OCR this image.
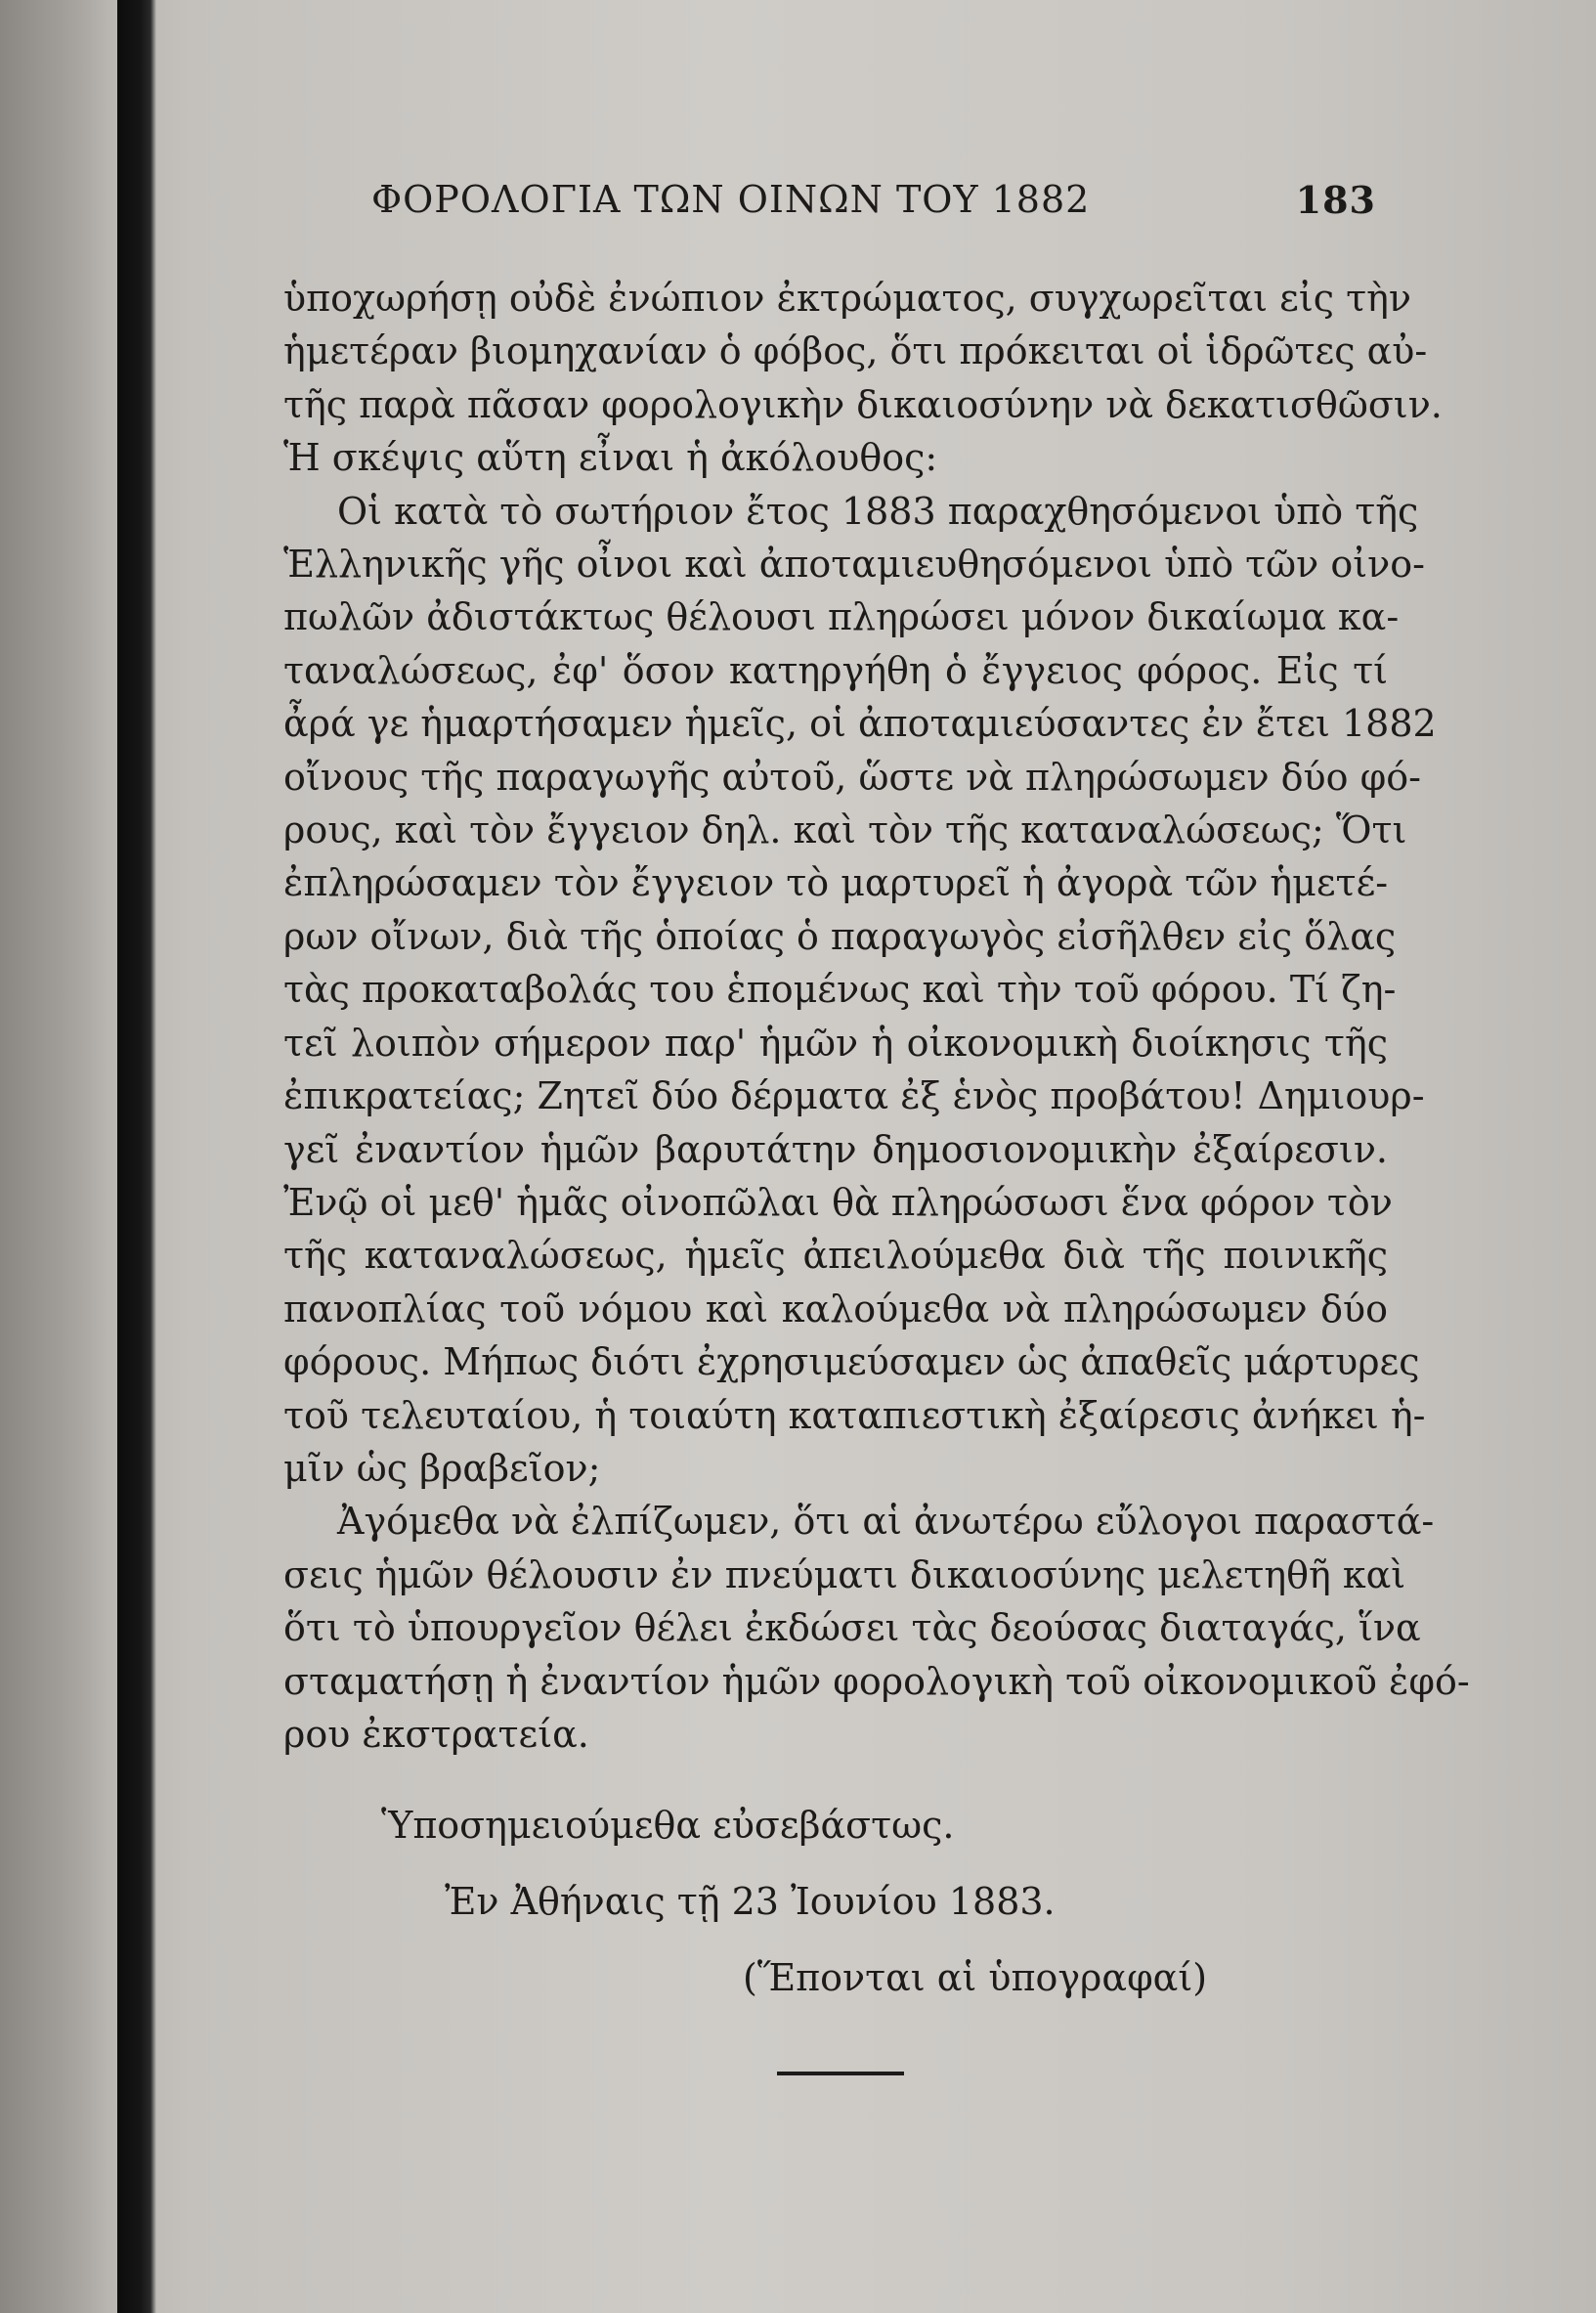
ΦΟΡΟΛΟΓΙΑ ΤΩΝ ΟΙΝΩΝ ΤΟΥ 1882	183
ὑποχωρήσῃ οὐδὲ ἐνώπιον ἐκτρώματος, συγχωρεῖται εἰς τὴν
ἡμετέραν βιομηχανίαν ὁ φόβος, ὅτι πρόκειται οἱ ἱδρῶτες αὐ-
τῆς παρὰ πᾶσαν φορολογικὴν δικαιοσύνην νὰ δεκατισθῶσιν.
Ἡ σκέψις αὕτη εἶναι ἡ ἀκόλουθος:
Οἱ κατὰ τὸ σωτήριον ἔτος 1883 παραχθησόμενοι ὑπὸ τῆς
Ἑλληνικῆς γῆς οἶνοι καὶ ἀποταμιευθησόμενοι ὑπὸ τῶν οἰνο-
πωλῶν ἀδιστάκτως θέλουσι πληρώσει μόνον δικαίωμα κα-
ταναλώσεως, ἐφ' ὅσον κατηργήθη ὁ ἔγγειος φόρος. Εἰς τί
ἆρά γε ἡμαρτήσαμεν ἡμεῖς, οἱ ἀποταμιεύσαντες ἐν ἔτει 1882
οἴνους τῆς παραγωγῆς αὐτοῦ, ὥστε νὰ πληρώσωμεν δύο φό-
ρους, καὶ τὸν ἔγγειον δηλ. καὶ τὸν τῆς καταναλώσεως; Ὅτι
ἐπληρώσαμεν τὸν ἔγγειον τὸ μαρτυρεῖ ἡ ἀγορὰ τῶν ἡμετέ-
ρων οἴνων, διὰ τῆς ὁποίας ὁ παραγωγὸς εἰσῆλθεν εἰς ὅλας
τὰς προκαταβολάς του ἑπομένως καὶ τὴν τοῦ φόρου. Τί ζη-
τεῖ λοιπὸν σήμερον παρ' ἡμῶν ἡ οἰκονομικὴ διοίκησις τῆς
ἐπικρατείας; Ζητεῖ δύο δέρματα ἐξ ἑνὸς προβάτου! Δημιουρ-
γεῖ ἐναντίον ἡμῶν βαρυτάτην δημοσιονομικὴν ἐξαίρεσιν.
Ἐνῷ οἱ μεθ' ἡμᾶς οἰνοπῶλαι θὰ πληρώσωσι ἕνα φόρον τὸν
τῆς καταναλώσεως, ἡμεῖς ἀπειλούμεθα διὰ τῆς ποινικῆς
πανοπλίας τοῦ νόμου καὶ καλούμεθα νὰ πληρώσωμεν δύο
φόρους. Μήπως διότι ἐχρησιμεύσαμεν ὡς ἀπαθεῖς μάρτυρες
τοῦ τελευταίου, ἡ τοιαύτη καταπιεστικὴ ἐξαίρεσις ἀνήκει ἡ-
μῖν ὡς βραβεῖον;
Ἀγόμεθα νὰ ἐλπίζωμεν, ὅτι αἱ ἀνωτέρω εὔλογοι παραστά-
σεις ἡμῶν θέλουσιν ἐν πνεύματι δικαιοσύνης μελετηθῆ καὶ
ὅτι τὸ ὑπουργεῖον θέλει ἐκδώσει τὰς δεούσας διαταγάς, ἵνα
σταματήσῃ ἡ ἐναντίον ἡμῶν φορολογικὴ τοῦ οἰκονομικοῦ ἐφό-
ρου ἐκστρατεία.
Ὑποσημειούμεθα εὐσεβάστως.
Ἐν Ἀθήναις τῇ 23 Ἰουνίου 1883.
(Ἕπονται αἱ ὑπογραφαί)
